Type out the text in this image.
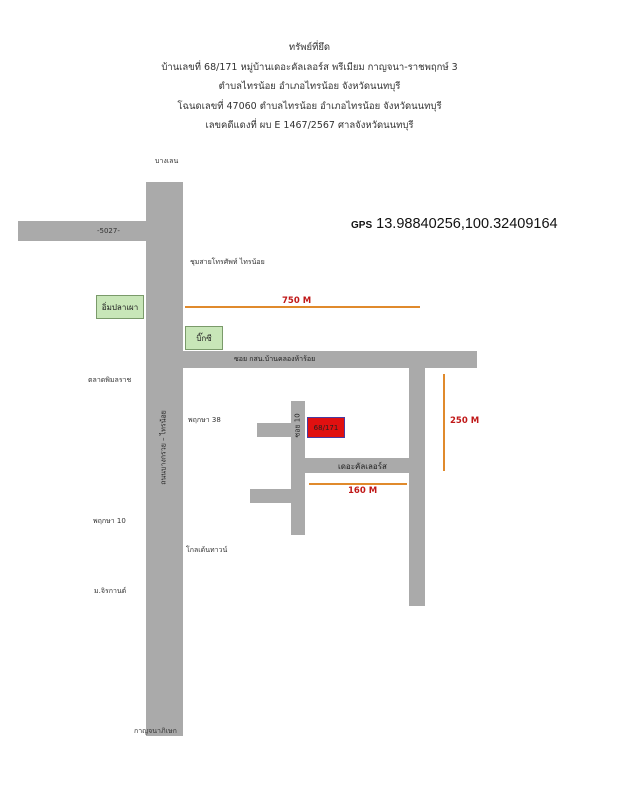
ทรัพย์ที่ยึด
บ้านเลขที่ 68/171 หมู่บ้านเดอะคัลเลอร์ส พรีเมียม กาญจนา-ราชพฤกษ์ 3
ตำบลไทรน้อย อำเภอไทรน้อย จังหวัดนนทบุรี
โฉนดเลขที่ 47060 ตำบลไทรน้อย อำเภอไทรน้อย จังหวัดนนทบุรี
เลขคดีแดงที่ ผบ E 1467/2567 ศาลจังหวัดนนทบุรี
GPS 13.98840256,100.32409164
68/171
บางเลน
กาญจนาภิเษก
-5027-
ชุมสายโทรศัพท์ ไทรน้อย
ตลาดพิมลราช
พฤกษา 38
พฤกษา 10
โกลเด้นทาวน์
ม.จิรกานต์
ซอย กสน.บ้านคลองห้าร้อย
เดอะคัลเลอร์ส
ถนนบางกรวย – ไทรน้อย	ซอย 10
อิ่มปลาเผา
บิ๊กซี
750 M
250 M
160 M
